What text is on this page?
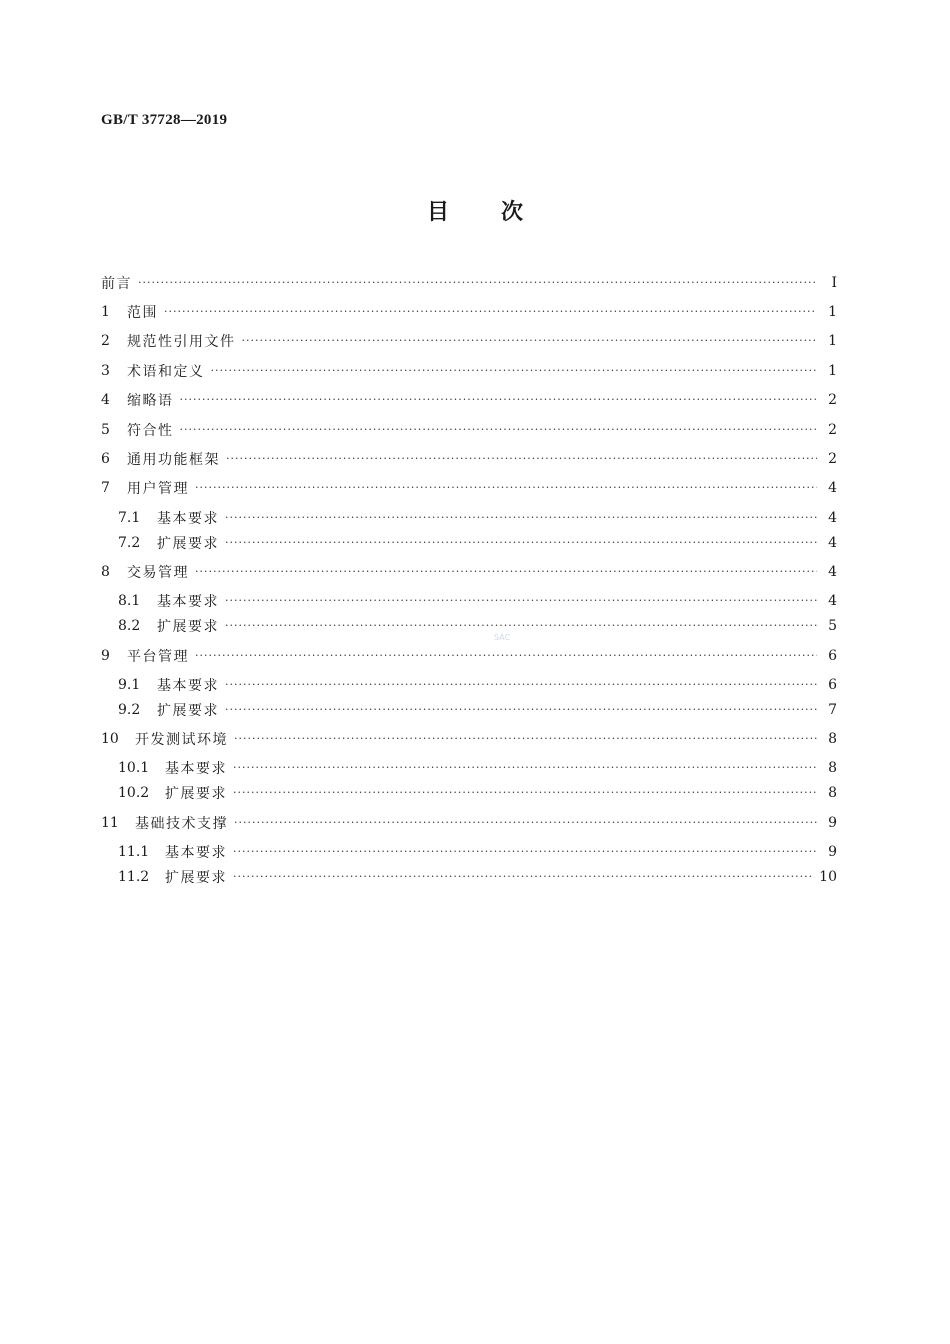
GB/T 37728—2019
目 次
前言 ·····	Ⅰ
1	范围 ·····	1
2	规范性引用文件 ·····	1
3	术语和定义 ·····	1
4	缩略语 ·····	2
5	符合性 ·····	2
6	通用功能框架 ·····	2
7	用户管理 ·····	4
7.1	基本要求 ·····	4
7.2	扩展要求 ·····	4
8	交易管理 ·····	4
8.1	基本要求 ·····	4
8.2	扩展要求 ·····	5
9	平台管理 ·····	6
9.1	基本要求 ·····	6
9.2	扩展要求 ·····	7
10	开发测试环境 ·····	8
10.1	基本要求 ·····	8
10.2	扩展要求 ·····	8
11	基础技术支撑 ·····	9
11.1	基本要求 ·····	9
11.2	扩展要求 ·····	10
SAC
